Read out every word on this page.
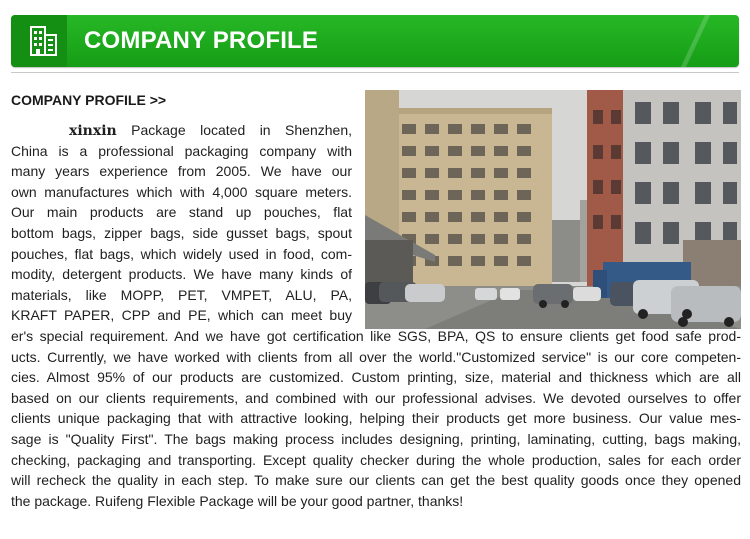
COMPANY PROFILE
COMPANY PROFILE >>
xinxin Package located in Shenzhen,
China is a professional packaging company with
many years experience from 2005. We have our
own manufactures which with 4,000 square meters.
Our main products are stand up pouches, flat
bottom bags, zipper bags, side gusset bags, spout
pouches, flat bags, which widely used in food, com-
modity, detergent products. We have many kinds of
materials, like MOPP, PET, VMPET, ALU, PA,
KRAFT PAPER, CPP and PE, which can meet buy
er's special requirement. And we have got certification like SGS, BPA, QS to ensure clients get food safe prod-
ucts. Currently, we have worked with clients from all over the world."Customized service" is our core competen-
cies. Almost 95% of our products are customized. Custom printing, size, material and thickness which are all
based on our clients requirements, and combined with our professional advises. We devoted ourselves to offer
clients unique packaging that with attractive looking, helping their products get more business. Our value mes-
sage is "Quality First". The bags making process includes designing, printing, laminating, cutting, bags making,
checking, packaging and transporting. Except quality checker during the whole production, sales for each order
will recheck the quality in each step. To make sure our clients can get the best quality goods once they opened
the package. Ruifeng Flexible Package will be your good partner, thanks!
